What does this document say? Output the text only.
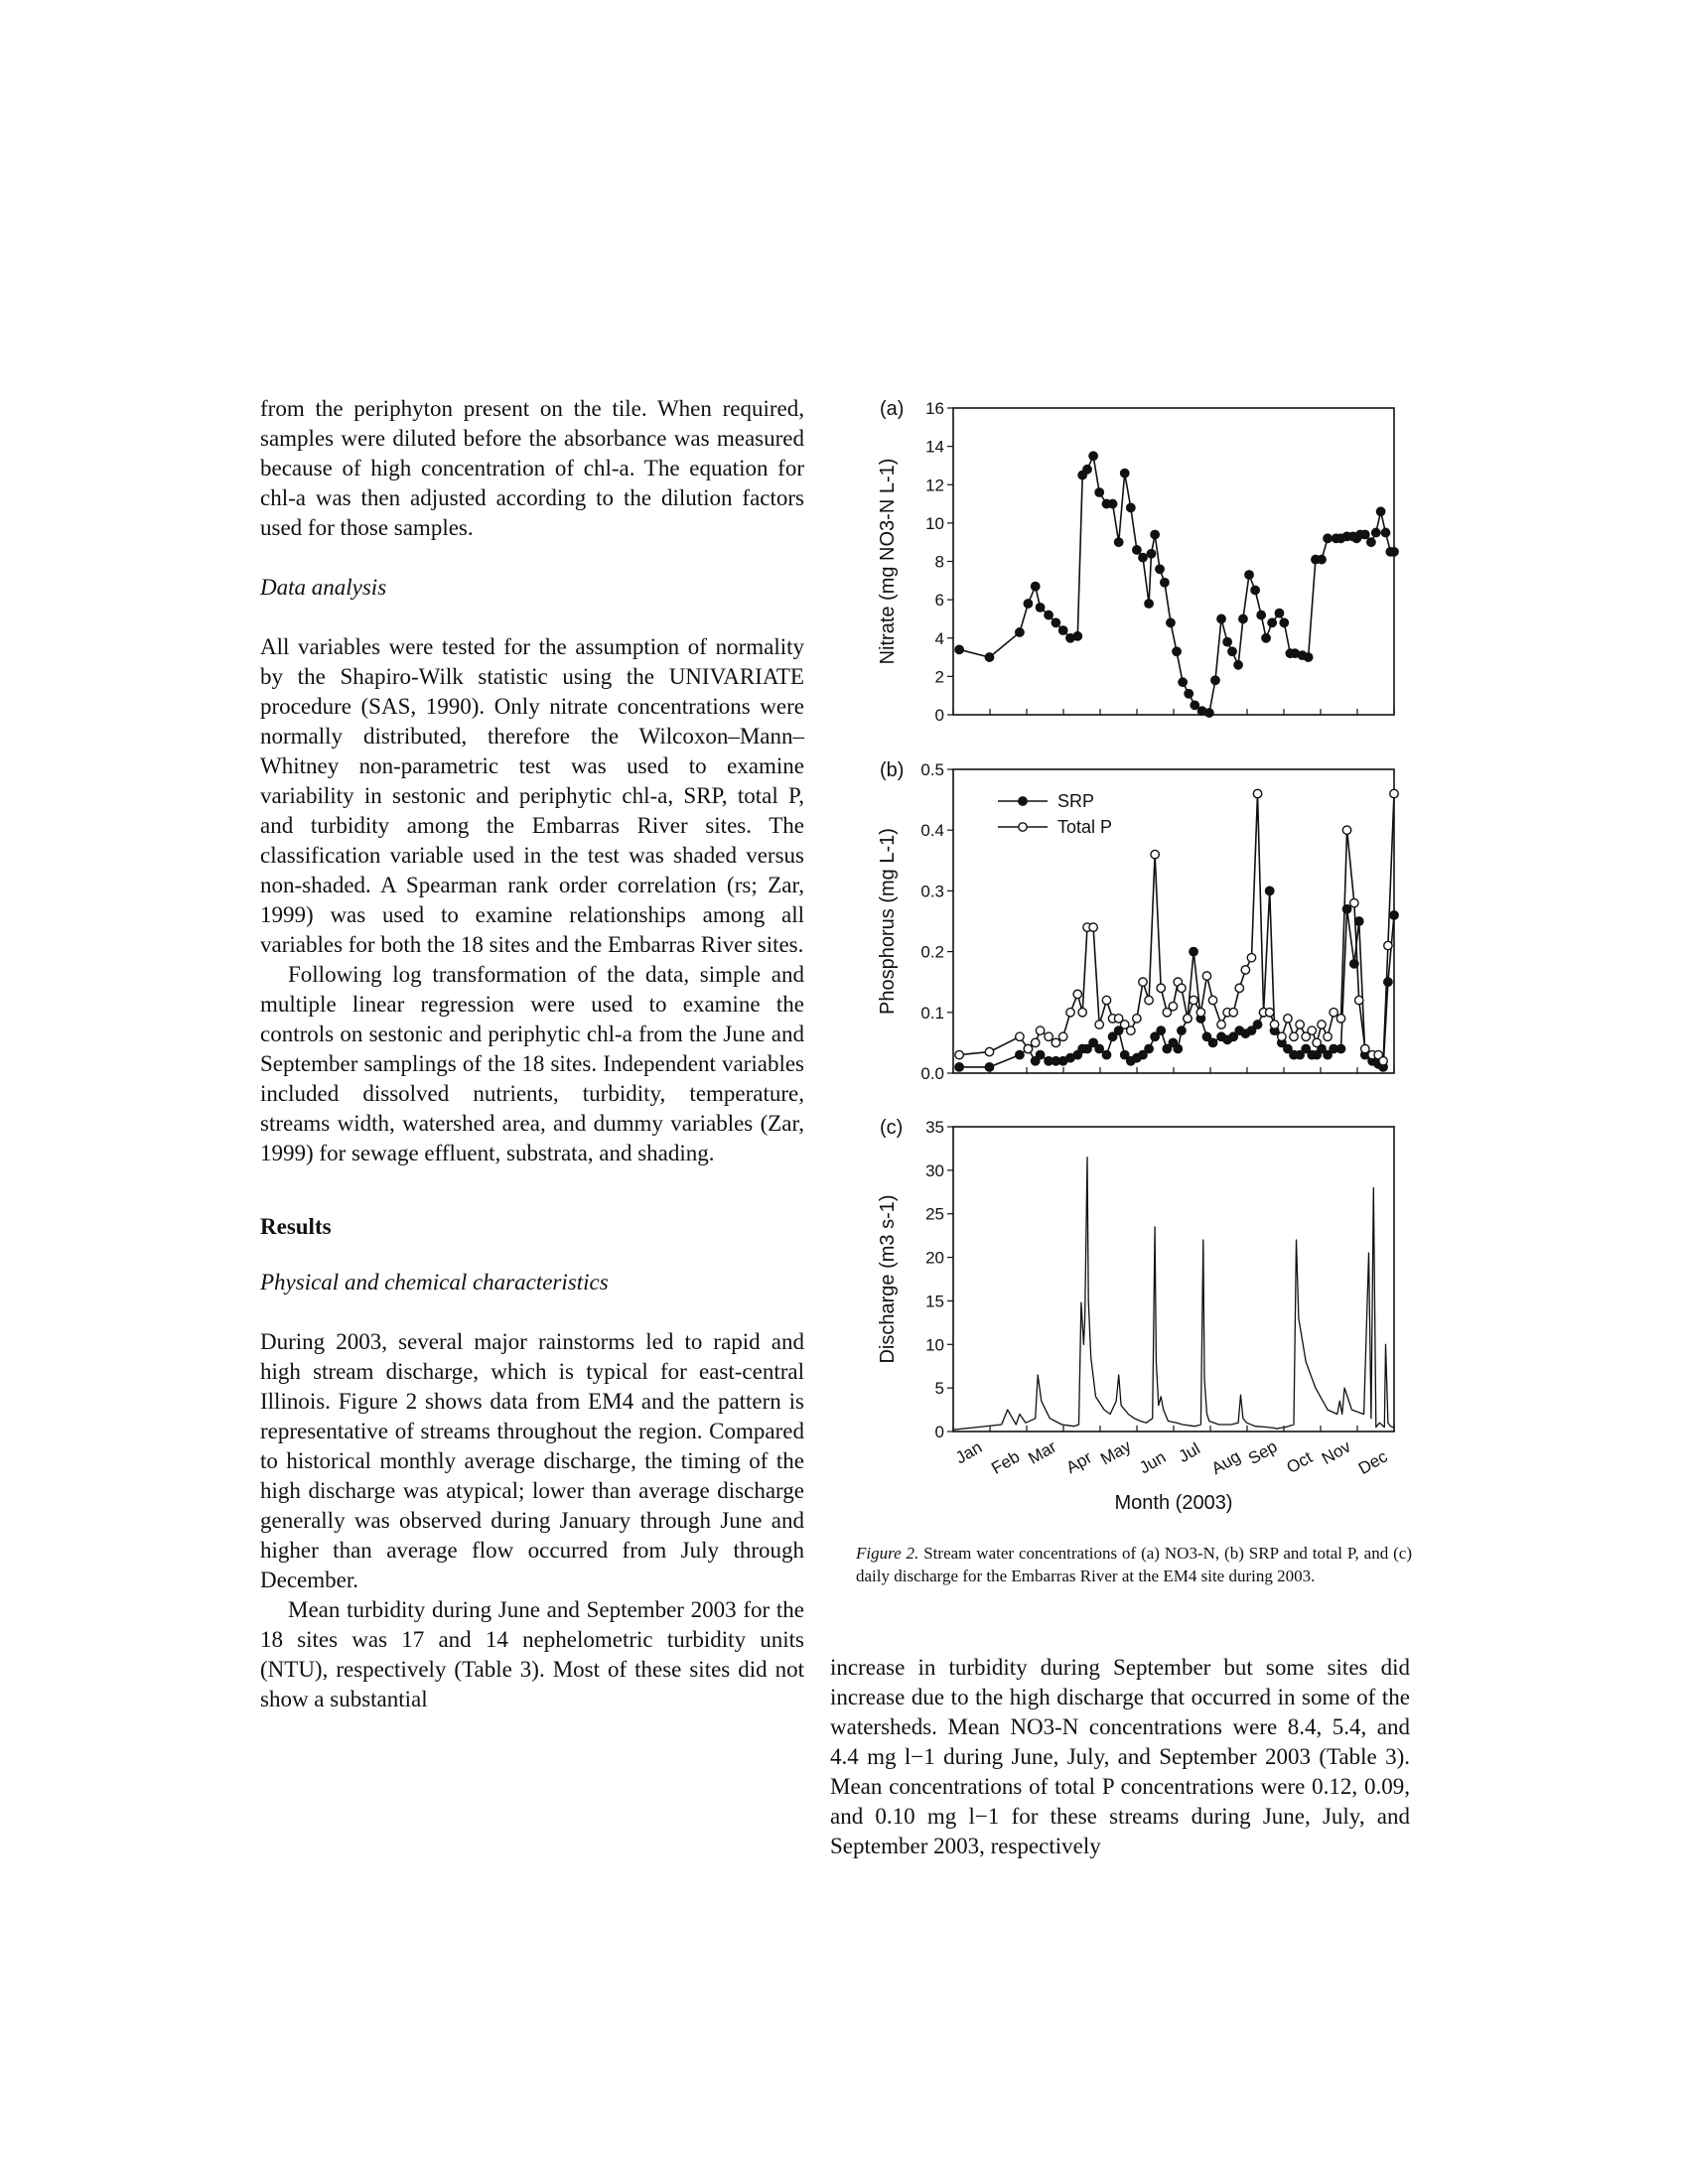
from the periphyton present on the tile. When required, samples were diluted before the absorbance was measured because of high concentration of chl-a. The equation for chl-a was then adjusted according to the dilution factors used for those samples.

Data analysis

All variables were tested for the assumption of normality by the Shapiro-Wilk statistic using the UNIVARIATE procedure (SAS, 1990). Only nitrate concentrations were normally distributed, therefore the Wilcoxon–Mann–Whitney non-parametric test was used to examine variability in sestonic and periphytic chl-a, SRP, total P, and turbidity among the Embarras River sites. The classification variable used in the test was shaded versus non-shaded. A Spearman rank order correlation (rs; Zar, 1999) was used to examine relationships among all variables for both the 18 sites and the Embarras River sites.

Following log transformation of the data, simple and multiple linear regression were used to examine the controls on sestonic and periphytic chl-a from the June and September samplings of the 18 sites. Independent variables included dissolved nutrients, turbidity, temperature, streams width, watershed area, and dummy variables (Zar, 1999) for sewage effluent, substrata, and shading.

Results

Physical and chemical characteristics

During 2003, several major rainstorms led to rapid and high stream discharge, which is typical for east-central Illinois. Figure 2 shows data from EM4 and the pattern is representative of streams throughout the region. Compared to historical monthly average discharge, the timing of the high discharge was atypical; lower than average discharge generally was observed during January through June and higher than average flow occurred from July through December.

Mean turbidity during June and September 2003 for the 18 sites was 17 and 14 nephelometric turbidity units (NTU), respectively (Table 3). Most of these sites did not show a substantial

0
2
4
6
8
10
12
14
16
(a)
Nitrate (mg NO3-N L-1)
0.0
0.1
0.2
0.3
0.4
0.5
(b)
Phosphorus (mg L-1)
SRP
Total P
0
5
10
15
20
25
30
35
(c)
Discharge (m3 s-1)
Jan Feb Mar Apr May Jun Jul Aug Sep Oct Nov Dec
Month (2003)
Figure 2. Stream water concentrations of (a) NO3-N, (b) SRP and total P, and (c) daily discharge for the Embarras River at the EM4 site during 2003.

increase in turbidity during September but some sites did increase due to the high discharge that occurred in some of the watersheds. Mean NO3-N concentrations were 8.4, 5.4, and 4.4 mg l−1 during June, July, and September 2003 (Table 3). Mean concentrations of total P concentrations were 0.12, 0.09, and 0.10 mg l−1 for these streams during June, July, and September 2003, respectively
